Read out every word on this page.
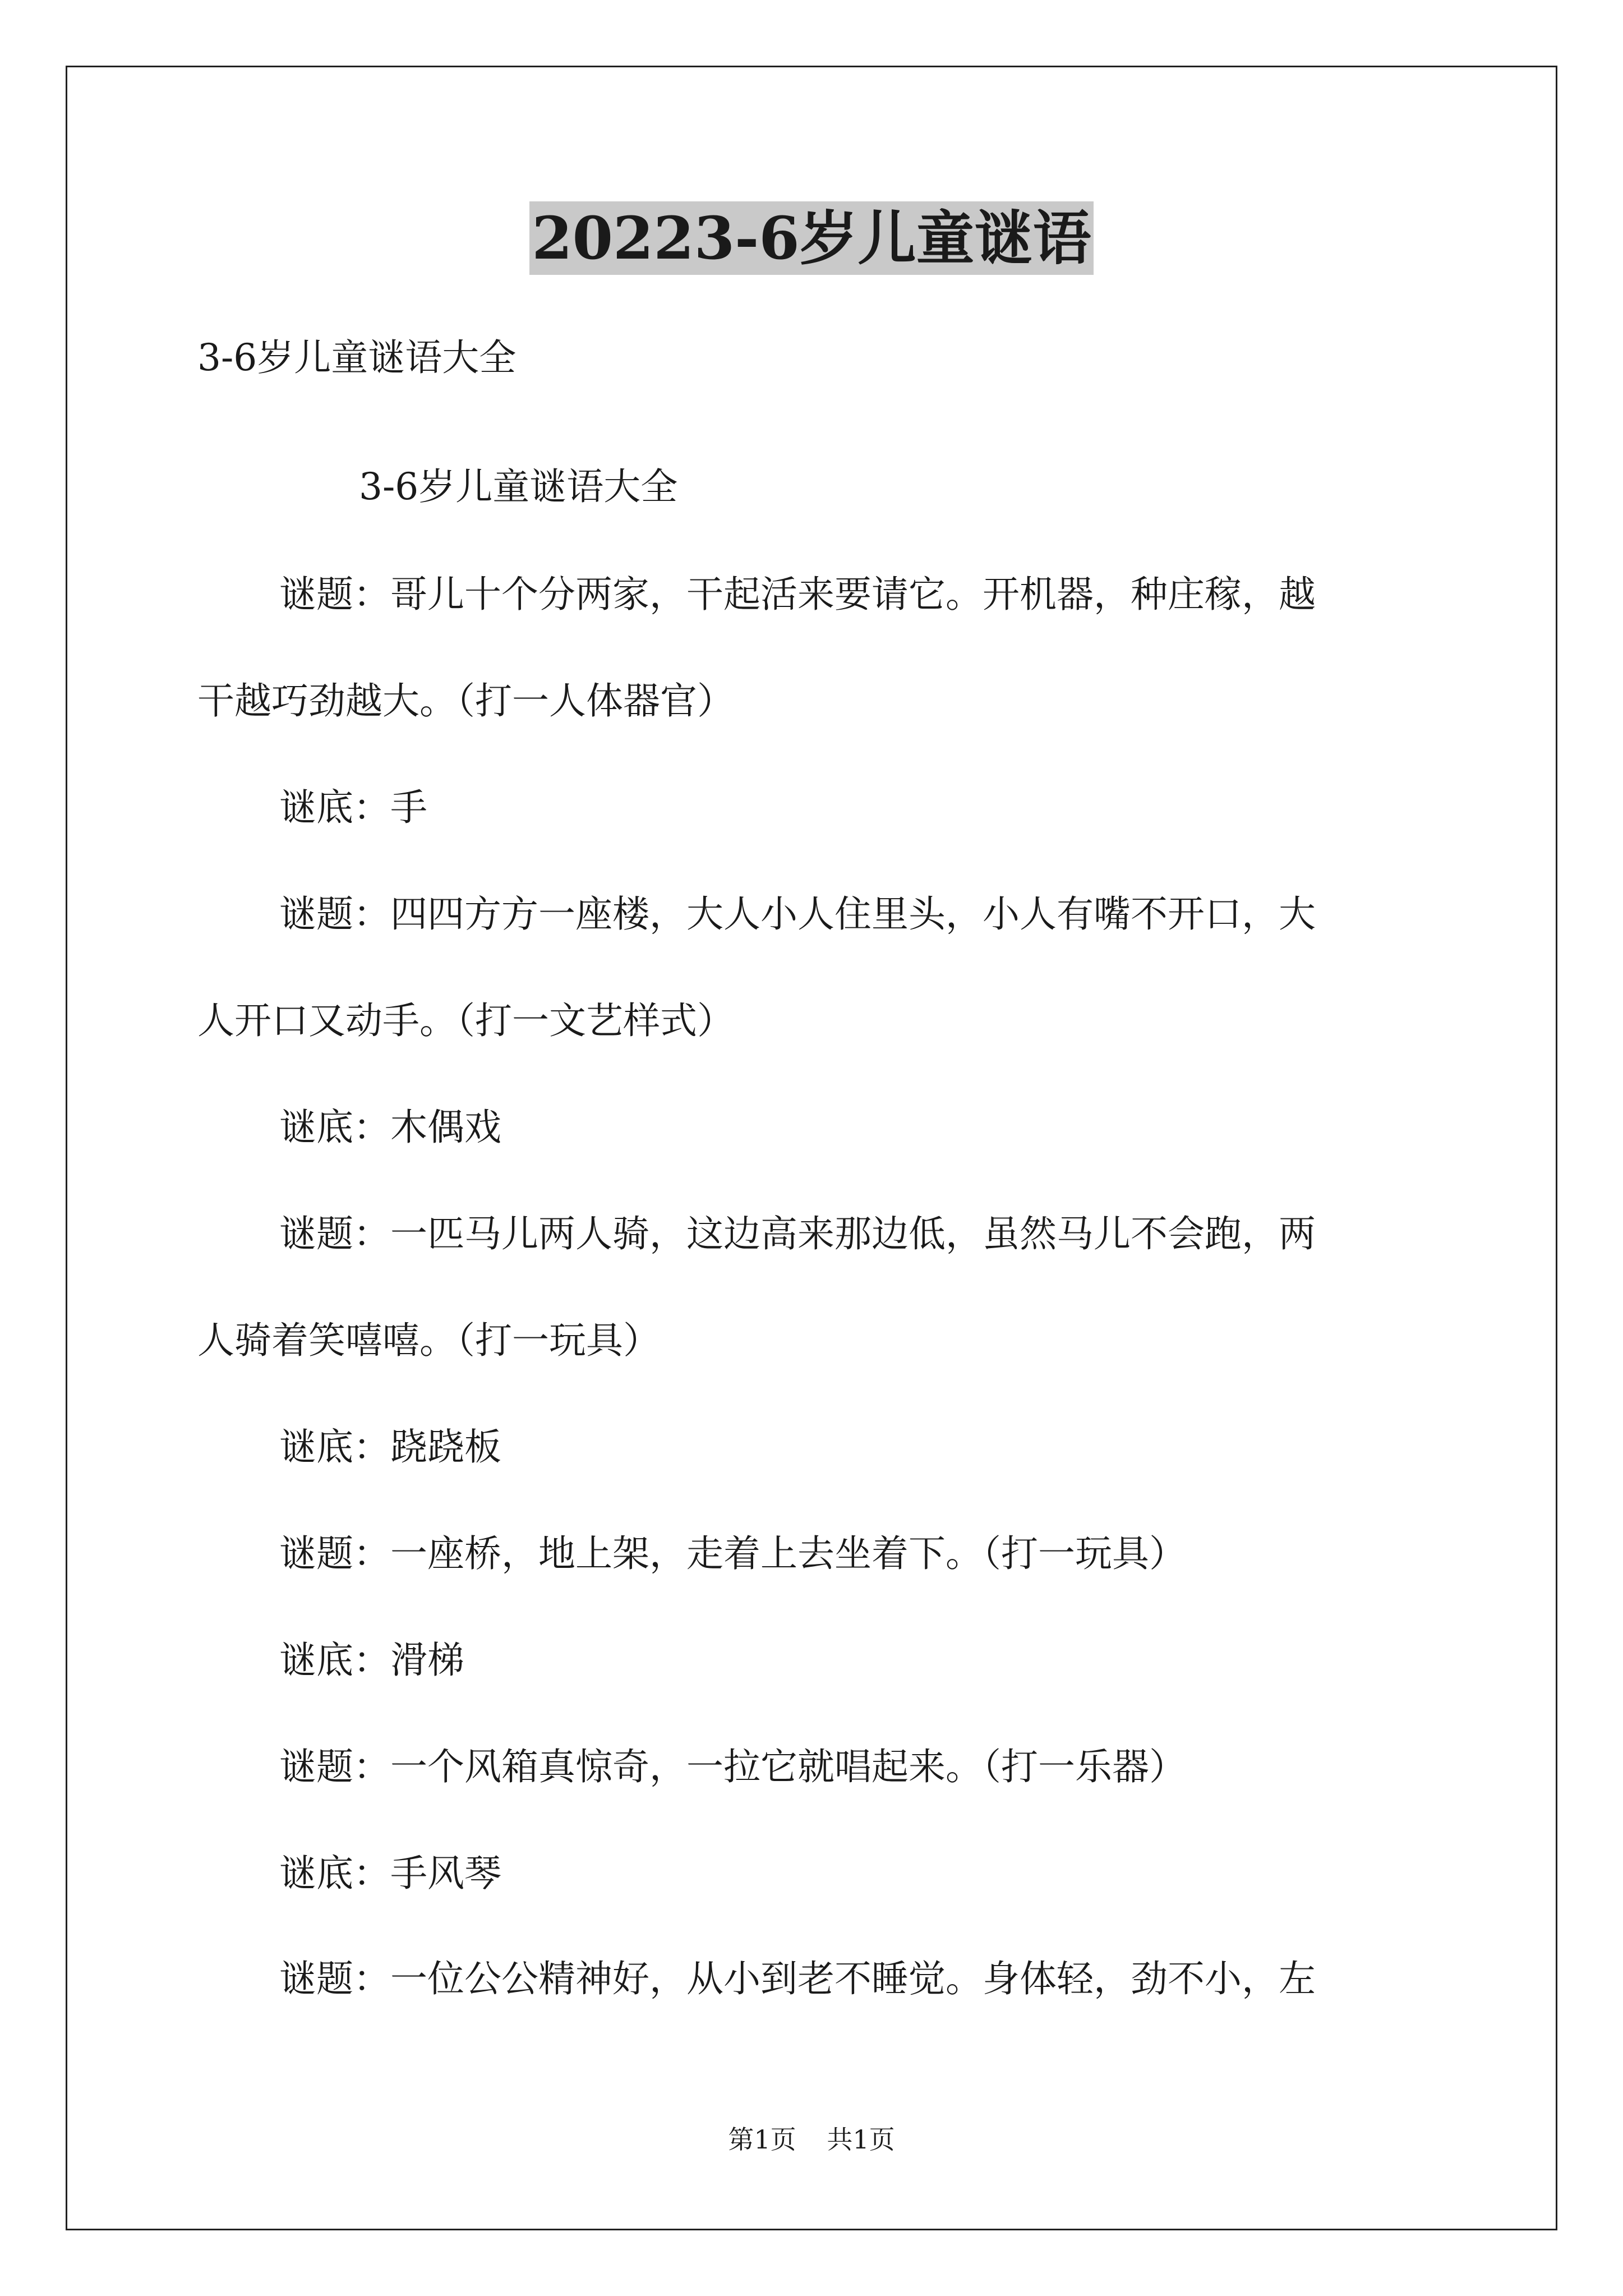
20223-6岁儿童谜语
3-6岁儿童谜语大全
3-6岁儿童谜语大全
谜题：哥儿十个分两家，干起活来要请它。开机器，种庄稼，越
干越巧劲越大。（打一人体器官）
谜底：手
谜题：四四方方一座楼，大人小人住里头，小人有嘴不开口，大
人开口又动手。（打一文艺样式）
谜底：木偶戏
谜题：一匹马儿两人骑，这边高来那边低，虽然马儿不会跑，两
人骑着笑嘻嘻。（打一玩具）
谜底：跷跷板
谜题：一座桥，地上架，走着上去坐着下。（打一玩具）
谜底：滑梯
谜题：一个风箱真惊奇，一拉它就唱起来。（打一乐器）
谜底：手风琴
谜题：一位公公精神好，从小到老不睡觉。身体轻，劲不小，左
第1页 共1页
